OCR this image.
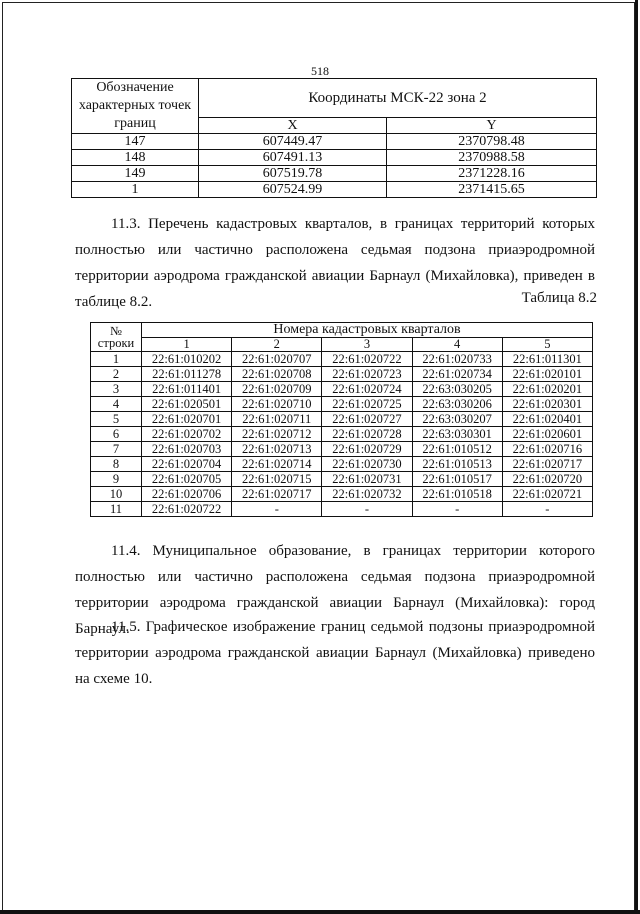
518
Обозначение характерных точек границ	Координаты МСК-22 зона 2	
	X	Y
147	607449.47	2370798.48
148	607491.13	2370988.58
149	607519.78	2371228.16
1	607524.99	2371415.65
11.3. Перечень кадастровых кварталов, в границах территорий которых полностью или частично расположена седьмая подзона приаэродромной территории аэродрома гражданской авиации Барнаул (Михайловка), приведен в таблице 8.2.	Таблица 8.2
№
строки	Номера кадастровых кварталов				
	1	2	3	4	5
1	22:61:010202	22:61:020707	22:61:020722	22:61:020733	22:61:011301
2	22:61:011278	22:61:020708	22:61:020723	22:61:020734	22:61:020101
3	22:61:011401	22:61:020709	22:61:020724	22:63:030205	22:61:020201
4	22:61:020501	22:61:020710	22:61:020725	22:63:030206	22:61:020301
5	22:61:020701	22:61:020711	22:61:020727	22:63:030207	22:61:020401
6	22:61:020702	22:61:020712	22:61:020728	22:63:030301	22:61:020601
7	22:61:020703	22:61:020713	22:61:020729	22:61:010512	22:61:020716
8	22:61:020704	22:61:020714	22:61:020730	22:61:010513	22:61:020717
9	22:61:020705	22:61:020715	22:61:020731	22:61:010517	22:61:020720
10	22:61:020706	22:61:020717	22:61:020732	22:61:010518	22:61:020721
11	22:61:020722	-	-	-	-
11.4. Муниципальное образование, в границах территории которого полностью или частично расположена седьмая подзона приаэродромной территории аэродрома гражданской авиации Барнаул (Михайловка): город Барнаул.
11.5. Графическое изображение границ седьмой подзоны приаэродромной территории аэродрома гражданской авиации Барнаул (Михайловка) приведено на схеме 10.
